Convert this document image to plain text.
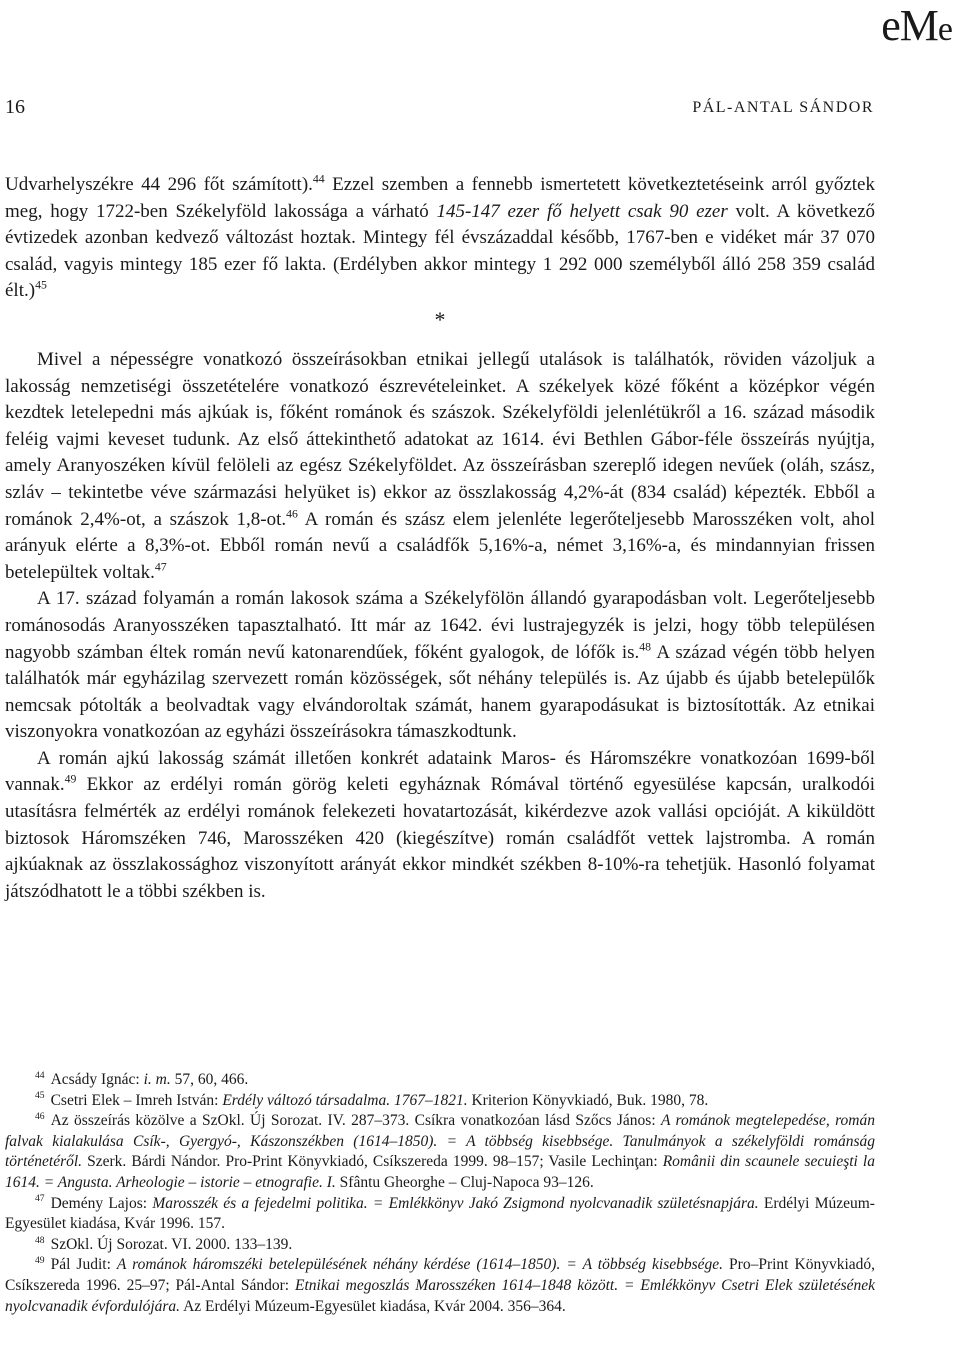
eMe
16	PÁL-ANTAL SÁNDOR

Udvarhelyszékre 44 296 főt számított).$^{44}$ Ezzel szemben a fennebb ismertetett következtetéseink arról győztek meg, hogy 1722-ben Székelyföld lakossága a várható 145-147 ezer fő helyett csak 90 ezer volt. A következő évtizedek azonban kedvező változást hoztak. Mintegy fél évszázaddal később, 1767-ben e vidéket már 37 070 család, vagyis mintegy 185 ezer fő lakta. (Erdélyben akkor mintegy 1 292 000 személyből álló 258 359 család élt.)$^{45}$

*

Mivel a népességre vonatkozó összeírásokban etnikai jellegű utalások is találhatók, röviden vázoljuk a lakosság nemzetiségi összetételére vonatkozó észrevételeinket. A székelyek közé főként a középkor végén kezdtek letelepedni más ajkúak is, főként románok és szászok. Székelyföldi jelenlétükről a 16. század második feléig vajmi keveset tudunk. Az első áttekinthető adatokat az 1614. évi Bethlen Gábor-féle összeírás nyújtja, amely Aranyoszéken kívül felöleli az egész Székelyföldet. Az összeírásban szereplő idegen nevűek (oláh, szász, szláv – tekintetbe véve származási helyüket is) ekkor az összlakosság 4,2%-át (834 család) képezték. Ebből a románok 2,4%-ot, a szászok 1,8-ot.$^{46}$ A román és szász elem jelenléte legerőteljesebb Marosszéken volt, ahol arányuk elérte a 8,3%-ot. Ebből román nevű a családfők 5,16%-a, német 3,16%-a, és mindannyian frissen betelepültek voltak.$^{47}$

A 17. század folyamán a román lakosok száma a Székelyfölön állandó gyarapodásban volt. Legerőteljesebb románosodás Aranyosszéken tapasztalható. Itt már az 1642. évi lustrajegyzék is jelzi, hogy több településen nagyobb számban éltek román nevű katonarendűek, főként gyalogok, de lófők is.$^{48}$ A század végén több helyen találhatók már egyházilag szervezett román közösségek, sőt néhány település is. Az újabb és újabb betelepülők nemcsak pótolták a beolvadtak vagy elvándoroltak számát, hanem gyarapodásukat is biztosították. Az etnikai viszonyokra vonatkozóan az egyházi összeírásokra támaszkodtunk.

A román ajkú lakosság számát illetően konkrét adataink Maros- és Háromszékre vonatkozóan 1699-ből vannak.$^{49}$ Ekkor az erdélyi román görög keleti egyháznak Rómával történő egyesülése kapcsán, uralkodói utasításra felmérték az erdélyi románok felekezeti hovatartozását, kikérdezve azok vallási opcióját. A kiküldött biztosok Háromszéken 746, Marosszéken 420 (kiegészítve) román családfőt vettek lajstromba. A román ajkúaknak az összlakossághoz viszonyított arányát ekkor mindkét székben 8-10%-ra tehetjük. Hasonló folyamat játszódhatott le a többi székben is.

$^{44}$ Acsády Ignác: i. m. 57, 60, 466.

$^{45}$ Csetri Elek – Imreh István: Erdély változó társadalma. 1767–1821. Kriterion Könyvkiadó, Buk. 1980, 78.

$^{46}$ Az összeírás közölve a SzOkl. Új Sorozat. IV. 287–373. Csíkra vonatkozóan lásd Szőcs János: A románok megtelepedése, román falvak kialakulása Csík-, Gyergyó-, Kászonszékben (1614–1850). = A többség kisebbsége. Tanulmányok a székelyföldi románság történetéről. Szerk. Bárdi Nándor. Pro-Print Könyvkiadó, Csíkszereda 1999. 98–157; Vasile Lechinţan: Românii din scaunele secuieşti la 1614. = Angusta. Arheologie – istorie – etnografie. I. Sfântu Gheorghe – Cluj-Napoca 93–126.

$^{47}$ Demény Lajos: Marosszék és a fejedelmi politika. = Emlékkönyv Jakó Zsigmond nyolcvanadik születésnapjára. Erdélyi Múzeum-Egyesület kiadása, Kvár 1996. 157.

$^{48}$ SzOkl. Új Sorozat. VI. 2000. 133–139.

$^{49}$ Pál Judit: A románok háromszéki betelepülésének néhány kérdése (1614–1850). = A többség kisebbsége. Pro–Print Könyvkiadó, Csíkszereda 1996. 25–97; Pál-Antal Sándor: Etnikai megoszlás Marosszéken 1614–1848 között. = Emlékkönyv Csetri Elek születésének nyolcvanadik évfordulójára. Az Erdélyi Múzeum-Egyesület kiadása, Kvár 2004. 356–364.
